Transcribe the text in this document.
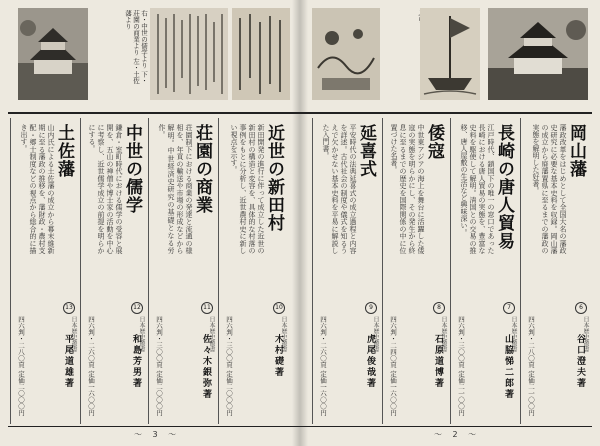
右・中世の儒学より 下・荘園の商業より 左・土佐藩より
岡山藩
藩政改革をはじめとして全国大名の藩政史研究に必要な基本史料を収録。岡山藩の成立から廃藩置県に至るまでの藩政の実態を解明した好著。
6
日本歴史叢書
谷口澄夫著
四六判・二八〇頁 定価二一〇〇円
長崎の唐人貿易
江戸時代、鎖国下の唯一の窓口であった長崎における唐人貿易の実態を、豊富な史料を駆使して解明。清国との交易の推移、唐人屋敷の生活など興味深い。
7
日本歴史叢書
山脇悌二郎著
四六判・三〇〇頁 定価二一〇〇円
倭寇
中世東アジアの海上を舞台に活躍した倭寇の実態を明らかにし、その発生から終息に至るまでの歴史を国際関係の中に位置づけた名著。
8
日本歴史叢書
石原道博著
四六判・二四〇頁 定価一六〇〇円
延喜式
平安時代の法典延喜式の成立過程と内容を詳述。古代社会の制度や儀式を知るうえで欠かせない基本史料を平易に解説した入門書。
9
日本歴史叢書
虎尾俊哉著
四六判・二六〇頁 定価一六〇〇円
近世の新田村
新田開発の進行に伴って成立した近世の新田村の構造と変容を、具体的な村落の事例をもとに分析し、近世農村史に新しい視点を示す。
10
日本歴史叢書
木村礎著
四六判・三〇〇頁 定価二〇〇〇円
荘園の商業
荘園制下における商業の発達と流通の様相を、年貢の輸送や市場の形成などから解明。中世経済史研究の基礎となる労作。
11
日本歴史叢書
佐々木銀弥著
四六判・三〇〇頁 定価二〇〇〇円
中世の儒学
鎌倉・室町時代における儒学の受容と展開を、五山の禅僧や博士家の活動を中心に考察し、近世儒学成立の前提を明らかにする。
12
日本歴史叢書
和島芳男著
四六判・二六〇頁 定価一六〇〇円
土佐藩
山内氏による土佐藩の成立から幕末維新期に至る藩政の推移を、藩財政・農村支配・郷士制度などの視点から総合的に描き出す。
13
日本歴史叢書
平尾道雄著
四六判・二八〇頁 定価二〇〇〇円
〜 3 〜	〜 2 〜
